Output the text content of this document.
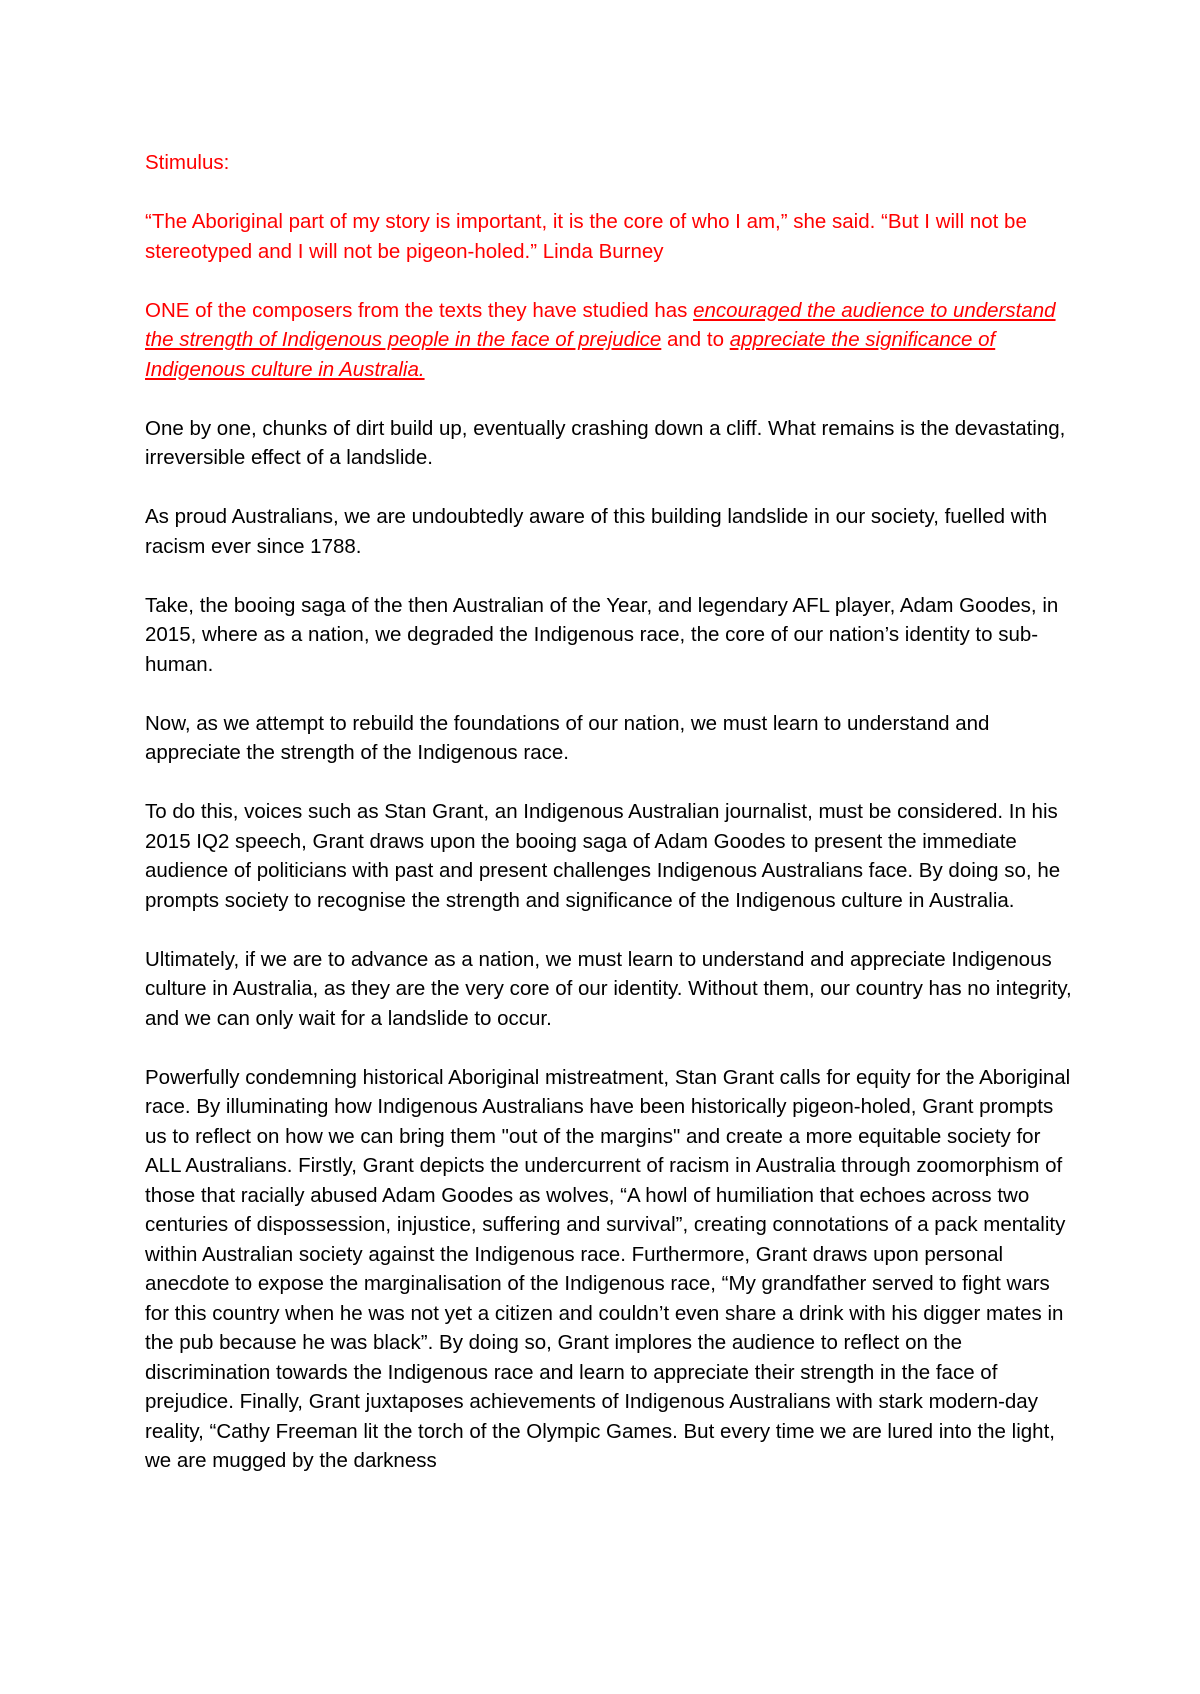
Stimulus:

“The Aboriginal part of my story is important, it is the core of who I am,” she said. “But I will not be stereotyped and I will not be pigeon-holed.” Linda Burney

ONE of the composers from the texts they have studied has encouraged the audience to understand the strength of Indigenous people in the face of prejudice and to appreciate the significance of Indigenous culture in Australia.

One by one, chunks of dirt build up, eventually crashing down a cliff. What remains is the devastating, irreversible effect of a landslide.

As proud Australians, we are undoubtedly aware of this building landslide in our society, fuelled with racism ever since 1788.

Take, the booing saga of the then Australian of the Year, and legendary AFL player, Adam Goodes, in 2015, where as a nation, we degraded the Indigenous race, the core of our nation’s identity to sub-human.

Now, as we attempt to rebuild the foundations of our nation, we must learn to understand and appreciate the strength of the Indigenous race.

To do this, voices such as Stan Grant, an Indigenous Australian journalist, must be considered. In his 2015 IQ2 speech, Grant draws upon the booing saga of Adam Goodes to present the immediate audience of politicians with past and present challenges Indigenous Australians face. By doing so, he prompts society to recognise the strength and significance of the Indigenous culture in Australia.

Ultimately, if we are to advance as a nation, we must learn to understand and appreciate Indigenous culture in Australia, as they are the very core of our identity. Without them, our country has no integrity, and we can only wait for a landslide to occur.

Powerfully condemning historical Aboriginal mistreatment, Stan Grant calls for equity for the Aboriginal race. By illuminating how Indigenous Australians have been historically pigeon-holed, Grant prompts us to reflect on how we can bring them "out of the margins" and create a more equitable society for ALL Australians. Firstly, Grant depicts the undercurrent of racism in Australia through zoomorphism of those that racially abused Adam Goodes as wolves, “A howl of humiliation that echoes across two centuries of dispossession, injustice, suffering and survival”, creating connotations of a pack mentality within Australian society against the Indigenous race. Furthermore, Grant draws upon personal anecdote to expose the marginalisation of the Indigenous race, “My grandfather served to fight wars for this country when he was not yet a citizen and couldn’t even share a drink with his digger mates in the pub because he was black”. By doing so, Grant implores the audience to reflect on the discrimination towards the Indigenous race and learn to appreciate their strength in the face of prejudice. Finally, Grant juxtaposes achievements of Indigenous Australians with stark modern-day reality, “Cathy Freeman lit the torch of the Olympic Games. But every time we are lured into the light, we are mugged by the darkness
